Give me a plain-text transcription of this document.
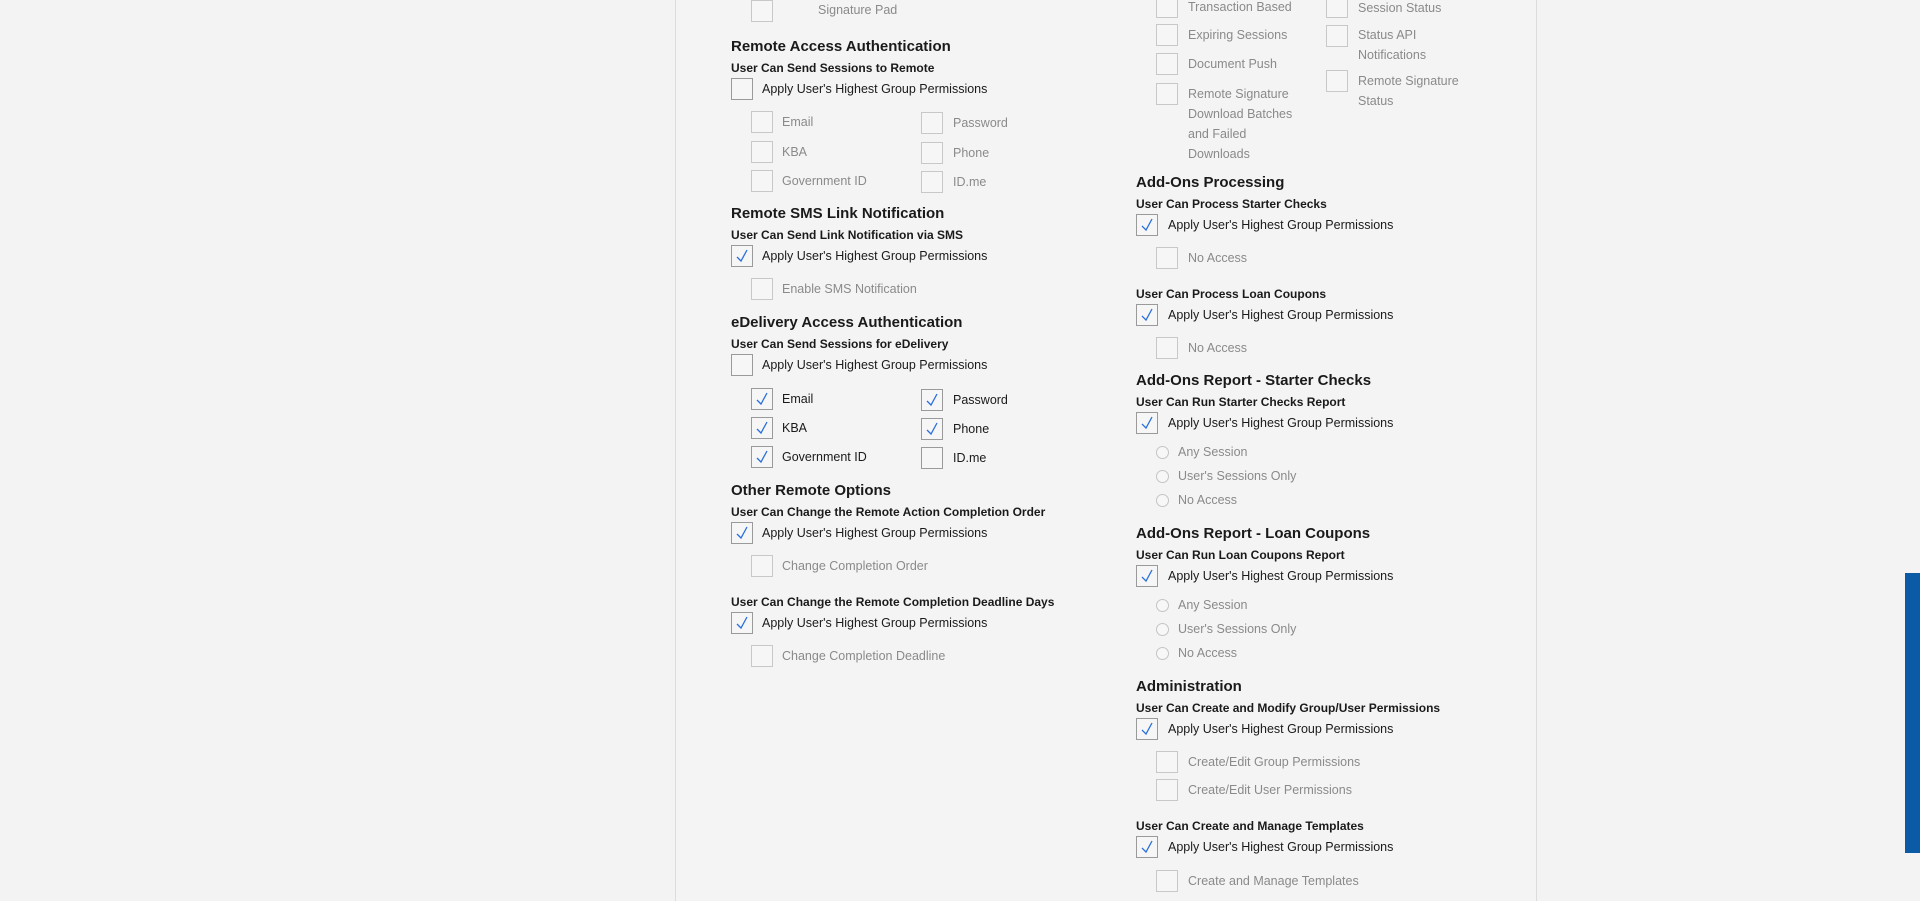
Signature Pad
Remote Access Authentication
User Can Send Sessions to Remote
Apply User's Highest Group Permissions
Email	Password
KBA	Phone
Government ID	ID.me
Remote SMS Link Notification
User Can Send Link Notification via SMS
Apply User's Highest Group Permissions
Enable SMS Notification
eDelivery Access Authentication
User Can Send Sessions for eDelivery
Apply User's Highest Group Permissions
Email	Password
KBA	Phone
Government ID	ID.me
Other Remote Options
User Can Change the Remote Action Completion Order
Apply User's Highest Group Permissions
Change Completion Order
User Can Change the Remote Completion Deadline Days
Apply User's Highest Group Permissions
Change Completion Deadline
Transaction Based
Expiring Sessions
Document Push
Remote Signature Download Batches and Failed Downloads
Session Status
Status API Notifications
Remote Signature Status
Add-Ons Processing
User Can Process Starter Checks
Apply User's Highest Group Permissions
No Access
User Can Process Loan Coupons
Apply User's Highest Group Permissions
No Access
Add-Ons Report - Starter Checks
User Can Run Starter Checks Report
Apply User's Highest Group Permissions
Any Session
User's Sessions Only
No Access
Add-Ons Report - Loan Coupons
User Can Run Loan Coupons Report
Apply User's Highest Group Permissions
Any Session
User's Sessions Only
No Access
Administration
User Can Create and Modify Group/User Permissions
Apply User's Highest Group Permissions
Create/Edit Group Permissions
Create/Edit User Permissions
User Can Create and Manage Templates
Apply User's Highest Group Permissions
Create and Manage Templates
